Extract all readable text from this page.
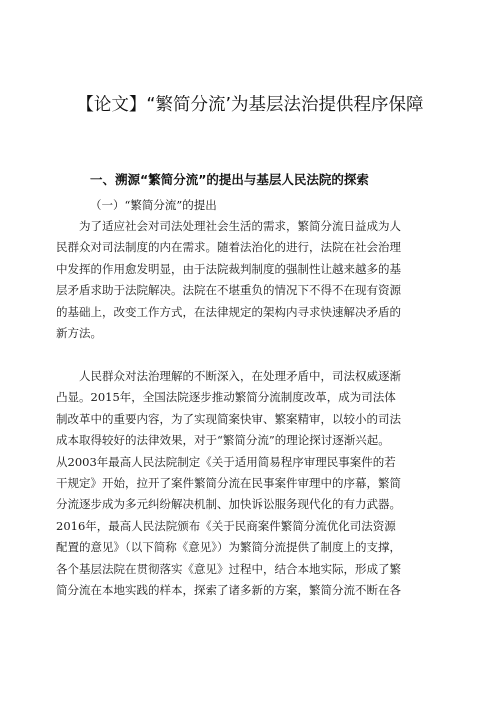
【论文】“繁简分流’为基层法治提供程序保障
一、溯源“繁简分流”的提出与基层人民法院的探索
（一）“繁简分流”的提出
为了适应社会对司法处理社会生活的需求，繁简分流日益成为人
民群众对司法制度的内在需求。随着法治化的进行，法院在社会治理
中发挥的作用愈发明显，由于法院裁判制度的强制性让越来越多的基
层矛盾求助于法院解决。法院在不堪重负的情况下不得不在现有资源
的基础上，改变工作方式，在法律规定的架构内寻求快速解决矛盾的
新方法。
人民群众对法治理解的不断深入，在处理矛盾中，司法权威逐渐
凸显。2015年，全国法院逐步推动繁简分流制度改革，成为司法体
制改革中的重要内容，为了实现简案快审、繁案精审，以较小的司法
成本取得较好的法律效果，对于“繁简分流”的理论探讨逐渐兴起。
从2003年最高人民法院制定《关于适用简易程序审理民事案件的若
干规定》开始，拉开了案件繁简分流在民事案件审理中的序幕，繁简
分流逐步成为多元纠纷解决机制、加快诉讼服务现代化的有力武器。
2016年，最高人民法院颁布《关于民商案件繁简分流优化司法资源
配置的意见》（以下简称《意见》）为繁简分流提供了制度上的支撑，
各个基层法院在贯彻落实《意见》过程中，结合本地实际，形成了繁
简分流在本地实践的样本，探索了诸多新的方案，繁简分流不断在各
